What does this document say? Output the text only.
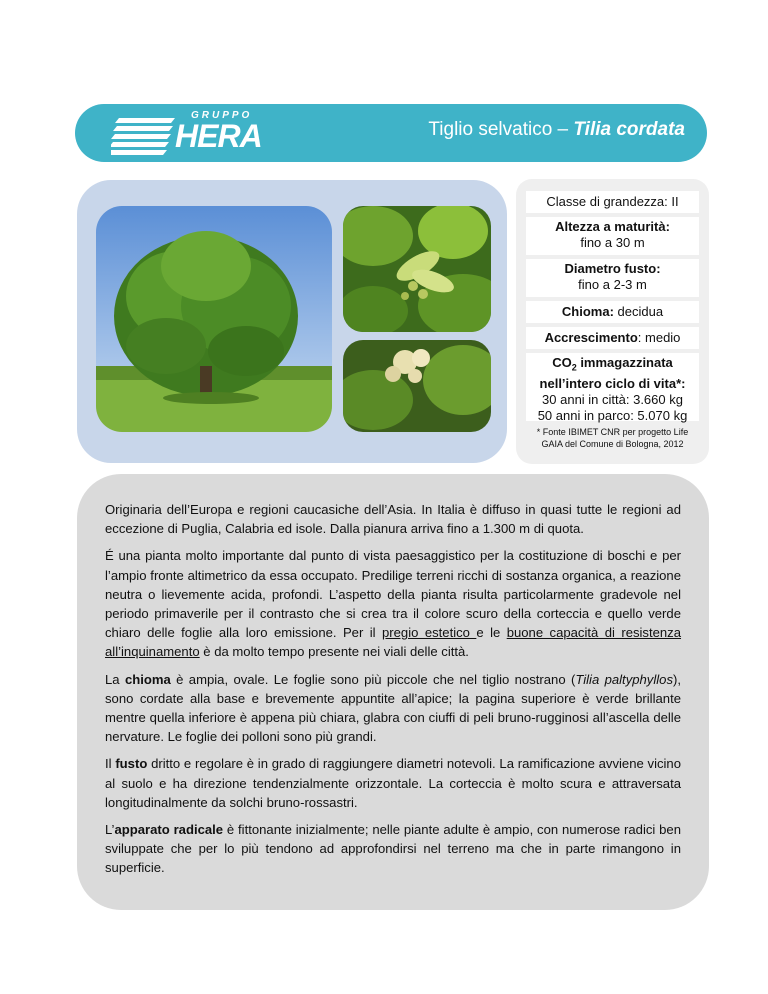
GRUPPO
HERA	Tiglio selvatico – Tilia cordata
Classe di grandezza: II
Altezza a maturità:
fino a 30 m
Diametro fusto:
fino a 2-3 m
Chioma: decidua
Accrescimento: medio
$CO_2$ immagazzinata
nell’intero ciclo di vita*:
30 anni in città: 3.660 kg
50 anni in parco: 5.070 kg
* Fonte IBIMET CNR per progetto Life
GAIA del Comune di Bologna, 2012

Originaria dell’Europa e regioni caucasiche dell’Asia. In Italia è diffuso in quasi tutte le regioni ad eccezione di Puglia, Calabria ed isole. Dalla pianura arriva fino a 1.300 m di quota.

É una pianta molto importante dal punto di vista paesaggistico per la costituzione di boschi e per l’ampio fronte altimetrico da essa occupato. Predilige terreni ricchi di sostanza organica, a reazione neutra o lievemente acida, profondi. L’aspetto della pianta risulta particolarmente gradevole nel periodo primaverile per il contrasto che si crea tra il colore scuro della corteccia e quello verde chiaro delle foglie alla loro emissione. Per il pregio estetico e le buone capacità di resistenza all’inquinamento è da molto tempo presente nei viali delle città.

La chioma è ampia, ovale. Le foglie sono più piccole che nel tiglio nostrano (Tilia paltyphyllos), sono cordate alla base e brevemente appuntite all’apice; la pagina superiore è verde brillante mentre quella inferiore è appena più chiara, glabra con ciuffi di peli bruno-rugginosi all’ascella delle nervature. Le foglie dei polloni sono più grandi.

Il fusto dritto e regolare è in grado di raggiungere diametri notevoli. La ramificazione avviene vicino al suolo e ha direzione tendenzialmente orizzontale. La corteccia è molto scura e attraversata longitudinalmente da solchi bruno-rossastri.

L’apparato radicale è fittonante inizialmente; nelle piante adulte è ampio, con numerose radici ben sviluppate che per lo più tendono ad approfondirsi nel terreno ma che in parte rimangono in superficie.
